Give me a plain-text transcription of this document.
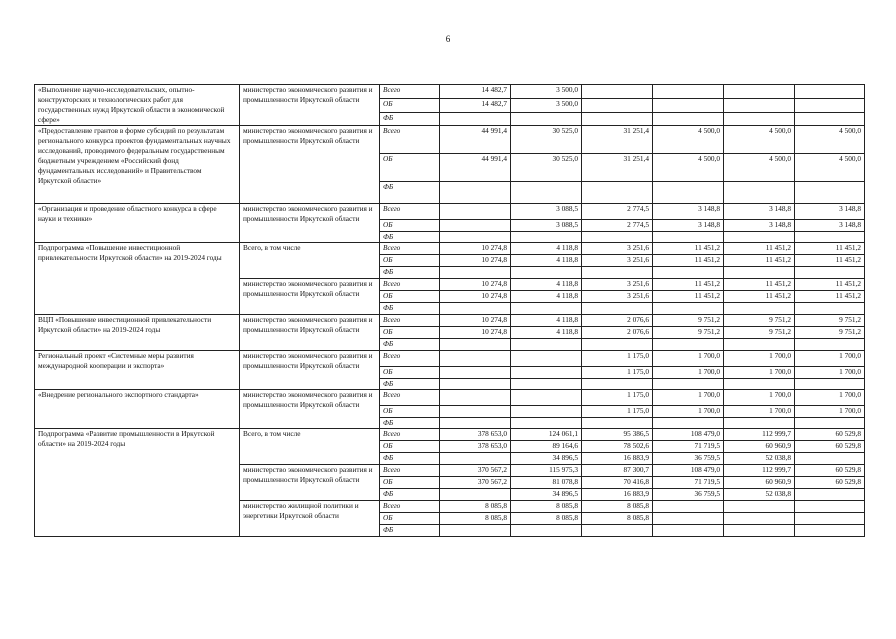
6
«Выполнение научно-исследовательских, опытно-конструкторских и технологических работ для государственных нужд Иркутской области в экономической сфере»	министерство экономического развития и промышленности Иркутской области	Всего	14 482,7	3 500,0				
		ОБ	14 482,7	3 500,0				
		ФБ						
«Предоставление грантов в форме субсидий по результатам регионального конкурса проектов фундаментальных научных исследований, проводимого федеральным государственным бюджетным учреждением «Российский фонд фундаментальных исследований» и Правительством Иркутской области»	министерство экономического развития и промышленности Иркутской области	Всего	44 991,4	30 525,0	31 251,4	4 500,0	4 500,0	4 500,0
		ОБ	44 991,4	30 525,0	31 251,4	4 500,0	4 500,0	4 500,0
		ФБ						
«Организация и проведение областного конкурса в сфере науки и техники»	министерство экономического развития и промышленности Иркутской области	Всего		3 088,5	2 774,5	3 148,8	3 148,8	3 148,8
		ОБ		3 088,5	2 774,5	3 148,8	3 148,8	3 148,8
		ФБ						
Подпрограмма «Повышение инвестиционной привлекательности Иркутской области» на 2019-2024 годы	Всего, в том числе	Всего	10 274,8	4 118,8	3 251,6	11 451,2	11 451,2	11 451,2
		ОБ	10 274,8	4 118,8	3 251,6	11 451,2	11 451,2	11 451,2
		ФБ						
	министерство экономического развития и промышленности Иркутской области	Всего	10 274,8	4 118,8	3 251,6	11 451,2	11 451,2	11 451,2
		ОБ	10 274,8	4 118,8	3 251,6	11 451,2	11 451,2	11 451,2
		ФБ						
ВЦП «Повышение инвестиционной привлекательности Иркутской области» на 2019-2024 годы	министерство экономического развития и промышленности Иркутской области	Всего	10 274,8	4 118,8	2 076,6	9 751,2	9 751,2	9 751,2
		ОБ	10 274,8	4 118,8	2 076,6	9 751,2	9 751,2	9 751,2
		ФБ						
Региональный проект «Системные меры развития международной кооперации и экспорта»	министерство экономического развития и промышленности Иркутской области	Всего			1 175,0	1 700,0	1 700,0	1 700,0
		ОБ			1 175,0	1 700,0	1 700,0	1 700,0
		ФБ						
«Внедрение регионального экспортного стандарта»	министерство экономического развития и промышленности Иркутской области	Всего			1 175,0	1 700,0	1 700,0	1 700,0
		ОБ			1 175,0	1 700,0	1 700,0	1 700,0
		ФБ						
Подпрограмма «Развитие промышленности в Иркутской области» на 2019-2024 годы	Всего, в том числе	Всего	378 653,0	124 061,1	95 386,5	108 479,0	112 999,7	60 529,8
		ОБ	378 653,0	89 164,6	78 502,6	71 719,5	60 960,9	60 529,8
		ФБ		34 896,5	16 883,9	36 759,5	52 038,8	
	министерство экономического развития и промышленности Иркутской области	Всего	370 567,2	115 975,3	87 300,7	108 479,0	112 999,7	60 529,8
		ОБ	370 567,2	81 078,8	70 416,8	71 719,5	60 960,9	60 529,8
		ФБ		34 896,5	16 883,9	36 759,5	52 038,8	
	министерство жилищной политики и энергетики Иркутской области	Всего	8 085,8	8 085,8	8 085,8			
		ОБ	8 085,8	8 085,8	8 085,8			
		ФБ						
